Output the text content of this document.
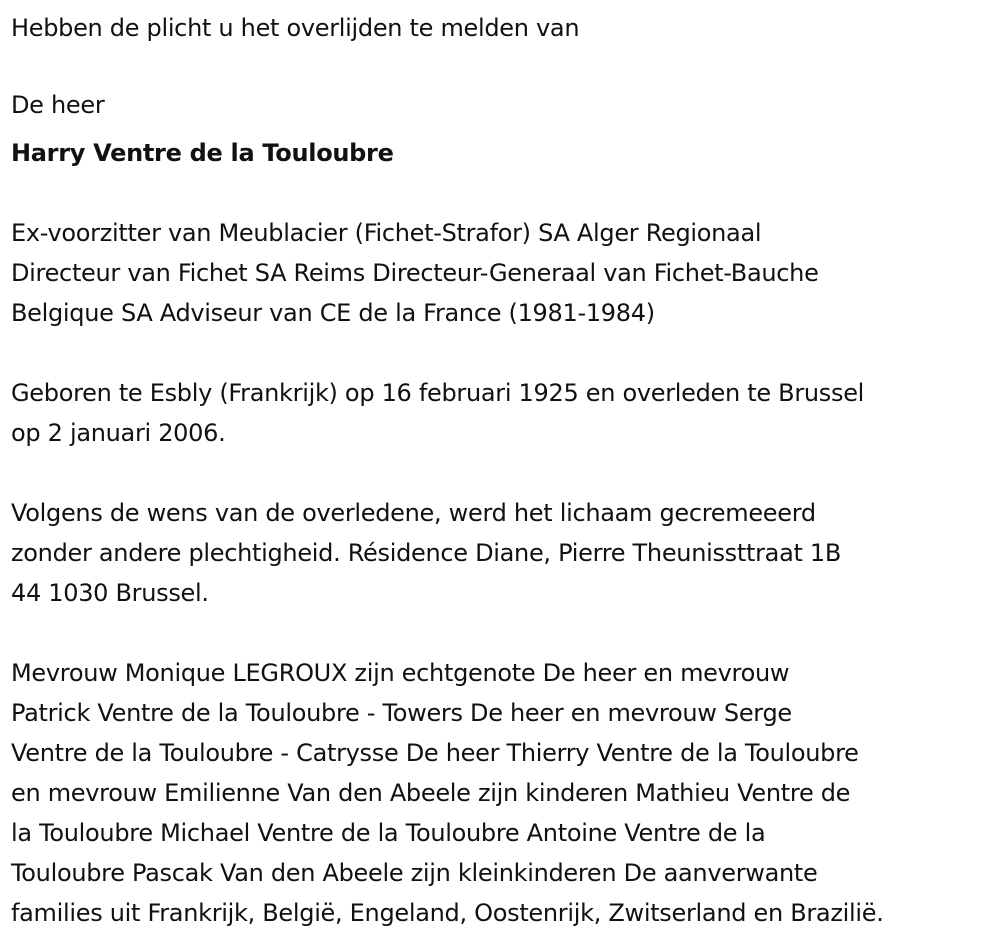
Hebben de plicht u het overlijden te melden van

De heer

Harry Ventre de la Touloubre

Ex-voorzitter van Meublacier (Fichet-Strafor) SA Alger Regionaal

Directeur van Fichet SA Reims Directeur-Generaal van Fichet-Bauche

Belgique SA Adviseur van CE de la France (1981-1984)

Geboren te Esbly (Frankrijk) op 16 februari 1925 en overleden te Brussel

op 2 januari 2006.

Volgens de wens van de overledene, werd het lichaam gecremeeerd

zonder andere plechtigheid. Résidence Diane, Pierre Theunissttraat 1B

44 1030 Brussel.

Mevrouw Monique LEGROUX zijn echtgenote De heer en mevrouw

Patrick Ventre de la Touloubre - Towers De heer en mevrouw Serge

Ventre de la Touloubre - Catrysse De heer Thierry Ventre de la Touloubre

en mevrouw Emilienne Van den Abeele zijn kinderen Mathieu Ventre de

la Touloubre Michael Ventre de la Touloubre Antoine Ventre de la

Touloubre Pascak Van den Abeele zijn kleinkinderen De aanverwante

families uit Frankrijk, België, Engeland, Oostenrijk, Zwitserland en Brazilië.
